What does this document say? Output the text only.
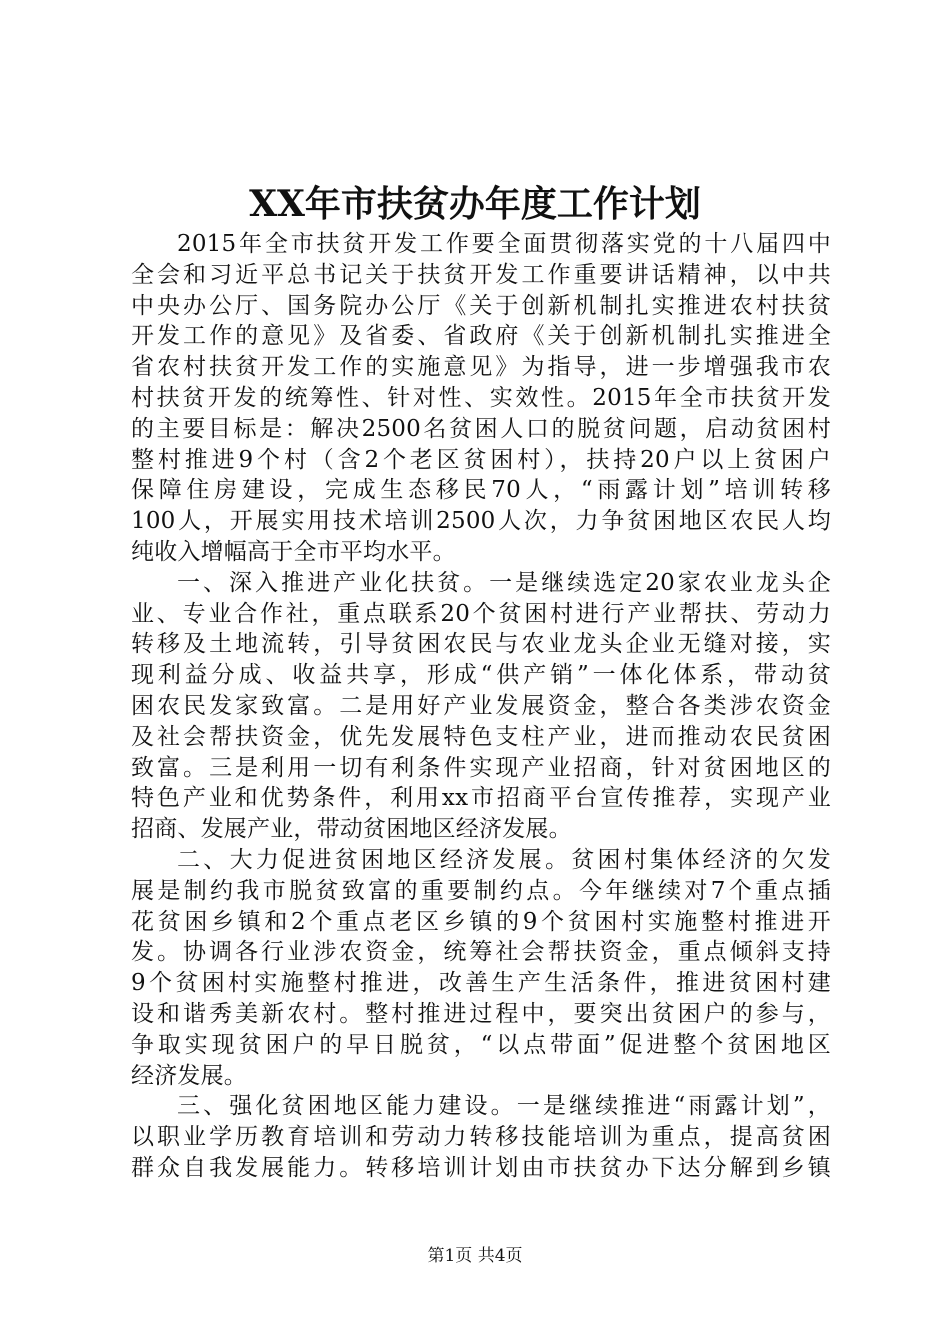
XX年市扶贫办年度工作计划
2015年全市扶贫开发工作要全面贯彻落实党的十八届四中
全会和习近平总书记关于扶贫开发工作重要讲话精神，以中共
中央办公厅、国务院办公厅《关于创新机制扎实推进农村扶贫
开发工作的意见》及省委、省政府《关于创新机制扎实推进全
省农村扶贫开发工作的实施意见》为指导，进一步增强我市农
村扶贫开发的统筹性、针对性、实效性。2015年全市扶贫开发
的主要目标是：解决2500名贫困人口的脱贫问题，启动贫困村
整村推进9个村（含2个老区贫困村），扶持20户以上贫困户
保障住房建设，完成生态移民70人，“雨露计划”培训转移
100人，开展实用技术培训2500人次，力争贫困地区农民人均
纯收入增幅高于全市平均水平。
一、深入推进产业化扶贫。一是继续选定20家农业龙头企
业、专业合作社，重点联系20个贫困村进行产业帮扶、劳动力
转移及土地流转，引导贫困农民与农业龙头企业无缝对接，实
现利益分成、收益共享，形成“供产销”一体化体系，带动贫
困农民发家致富。二是用好产业发展资金，整合各类涉农资金
及社会帮扶资金，优先发展特色支柱产业，进而推动农民贫困
致富。三是利用一切有利条件实现产业招商，针对贫困地区的
特色产业和优势条件，利用xx市招商平台宣传推荐，实现产业
招商、发展产业，带动贫困地区经济发展。
二、大力促进贫困地区经济发展。贫困村集体经济的欠发
展是制约我市脱贫致富的重要制约点。今年继续对7个重点插
花贫困乡镇和2个重点老区乡镇的9个贫困村实施整村推进开
发。协调各行业涉农资金，统筹社会帮扶资金，重点倾斜支持
9个贫困村实施整村推进，改善生产生活条件，推进贫困村建
设和谐秀美新农村。整村推进过程中，要突出贫困户的参与，
争取实现贫困户的早日脱贫，“以点带面”促进整个贫困地区
经济发展。
三、强化贫困地区能力建设。一是继续推进“雨露计划”，
以职业学历教育培训和劳动力转移技能培训为重点，提高贫困
群众自我发展能力。转移培训计划由市扶贫办下达分解到乡镇
第1页 共4页
